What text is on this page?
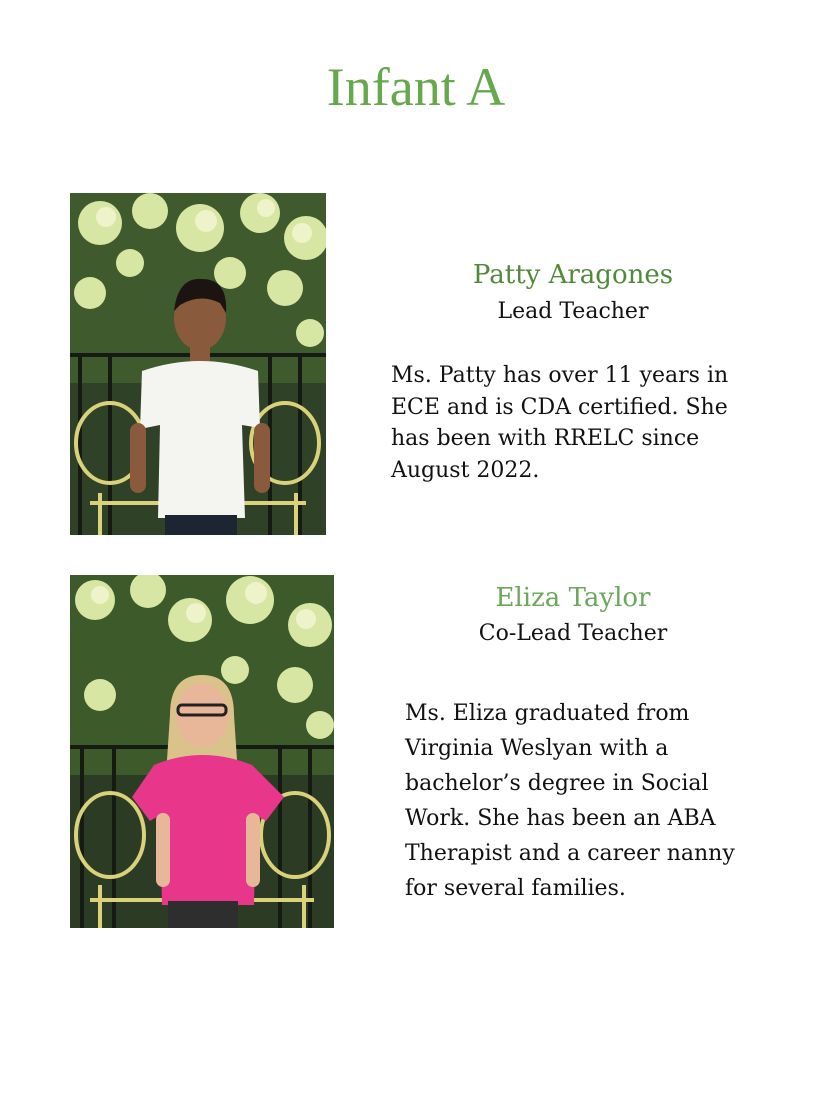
Infant A
Patty Aragones
Lead Teacher
Ms. Patty has over 11 years in ECE and is CDA certified. She has been with RRELC since August 2022.
Eliza Taylor
Co-Lead Teacher
Ms. Eliza graduated from Virginia Weslyan with a bachelor’s degree in Social Work. She has been an ABA Therapist and a career nanny for several families.
